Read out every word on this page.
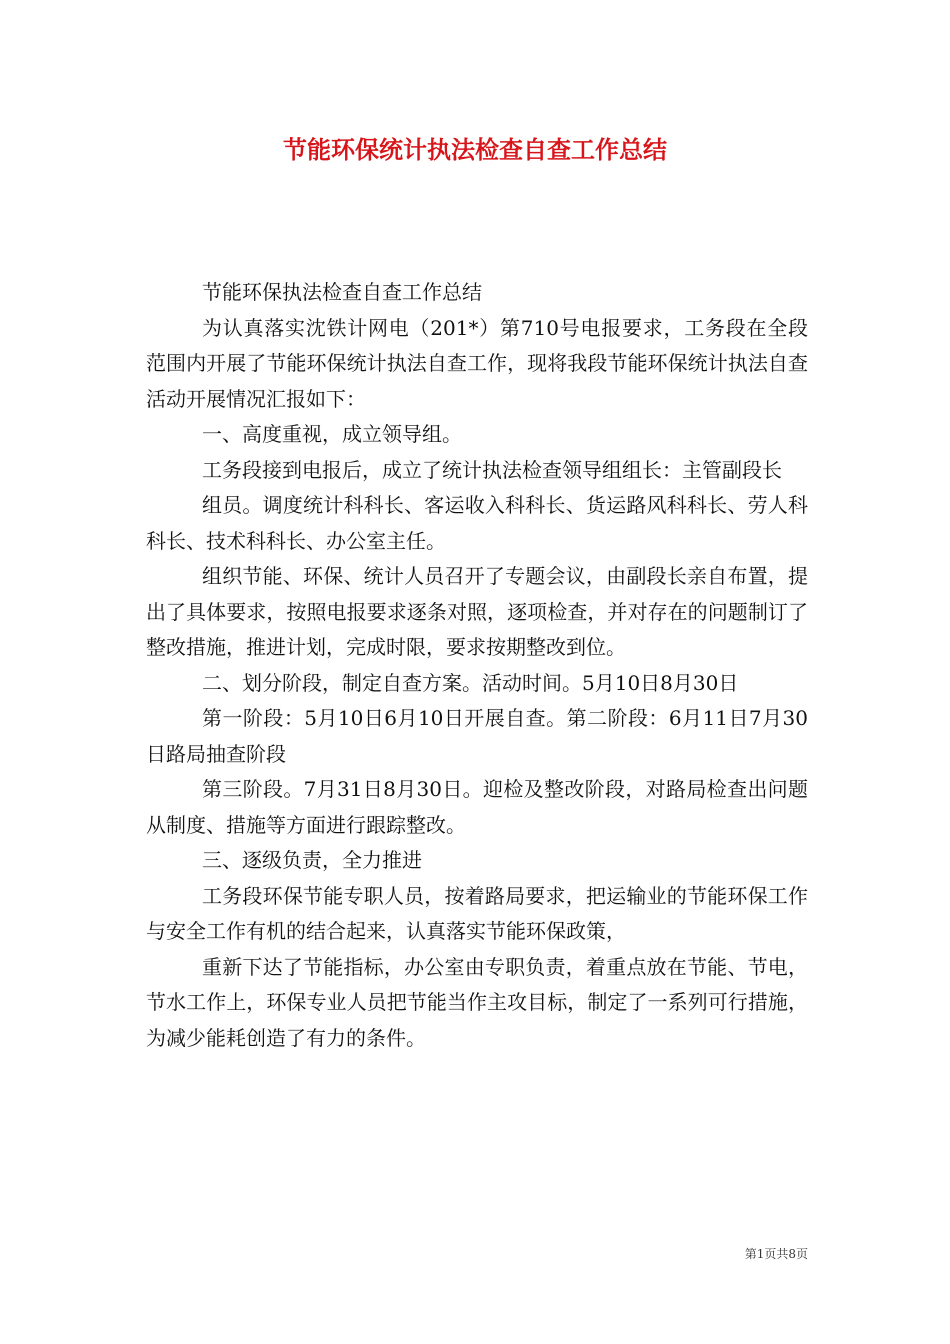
节能环保统计执法检查自查工作总结

节能环保执法检查自查工作总结

为认真落实沈铁计网电（201*）第710号电报要求，工务段在全段范围内开展了节能环保统计执法自查工作，现将我段节能环保统计执法自查活动开展情况汇报如下：

一、高度重视，成立领导组。

工务段接到电报后，成立了统计执法检查领导组组长：主管副段长

组员。调度统计科科长、客运收入科科长、货运路风科科长、劳人科科长、技术科科长、办公室主任。

组织节能、环保、统计人员召开了专题会议，由副段长亲自布置，提出了具体要求，按照电报要求逐条对照，逐项检查，并对存在的问题制订了整改措施，推进计划，完成时限，要求按期整改到位。

二、划分阶段，制定自查方案。活动时间。5月10日8月30日

第一阶段：5月10日6月10日开展自查。第二阶段：6月11日7月30日路局抽查阶段

第三阶段。7月31日8月30日。迎检及整改阶段，对路局检查出问题从制度、措施等方面进行跟踪整改。

三、逐级负责，全力推进

工务段环保节能专职人员，按着路局要求，把运输业的节能环保工作与安全工作有机的结合起来，认真落实节能环保政策，

重新下达了节能指标，办公室由专职负责，着重点放在节能、节电，节水工作上，环保专业人员把节能当作主攻目标，制定了一系列可行措施，为减少能耗创造了有力的条件。

第1页共8页
